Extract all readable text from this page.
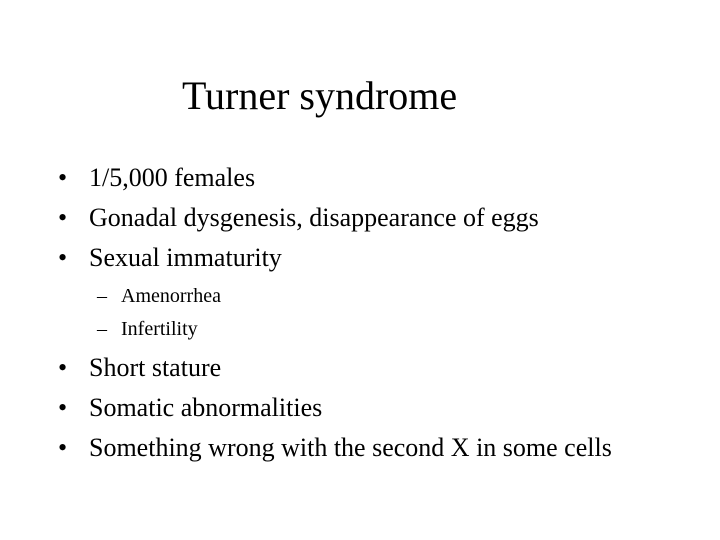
Turner syndrome
• 1/5,000 females
• Gonadal dysgenesis, disappearance of eggs
• Sexual immaturity
– Amenorrhea
– Infertility
• Short stature
• Somatic abnormalities
• Something wrong with the second X in some cells
